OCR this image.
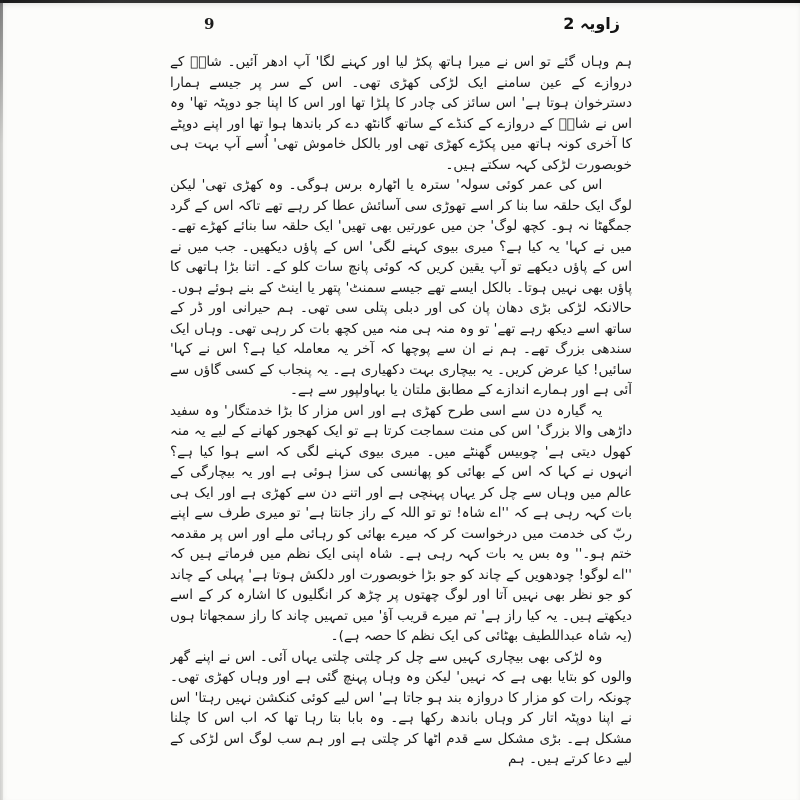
9	زاویہ 2

ہم وہاں گئے تو اس نے میرا ہاتھ پکڑ لیا اور کہنے لگا' آپ ادھر آئیں۔ شاہؒ کے دروازے کے عین سامنے ایک لڑکی کھڑی تھی۔ اس کے سر پر جیسے ہمارا دسترخوان ہوتا ہے' اس سائز کی چادر کا پلڑا تھا اور اس کا اپنا جو دوپٹہ تھا' وہ اس نے شاہؒ کے دروازے کے کنڈے کے ساتھ گانٹھ دے کر باندھا ہوا تھا اور اپنے دوپٹے کا آخری کونہ ہاتھ میں پکڑے کھڑی تھی اور بالکل خاموش تھی' اُسے آپ بہت ہی خوبصورت لڑکی کہہ سکتے ہیں۔

اس کی عمر کوئی سولہ' سترہ یا اٹھارہ برس ہوگی۔ وہ کھڑی تھی' لیکن لوگ ایک حلقہ سا بنا کر اسے تھوڑی سی آسائش عطا کر رہے تھے تاکہ اس کے گرد جمگھٹا نہ ہو۔ کچھ لوگ' جن میں عورتیں بھی تھیں' ایک حلقہ سا بنائے کھڑے تھے۔ میں نے کہا' یہ کیا ہے؟ میری بیوی کہنے لگی' اس کے پاؤں دیکھیں۔ جب میں نے اس کے پاؤں دیکھے تو آپ یقین کریں کہ کوئی پانچ سات کلو کے۔ اتنا بڑا ہاتھی کا پاؤں بھی نہیں ہوتا۔ بالکل ایسے تھے جیسے سمنٹ' پتھر یا اینٹ کے بنے ہوئے ہوں۔ حالانکہ لڑکی بڑی دھان پان کی اور دبلی پتلی سی تھی۔ ہم حیرانی اور ڈر کے ساتھ اسے دیکھ رہے تھے' تو وہ منہ ہی منہ میں کچھ بات کر رہی تھی۔ وہاں ایک سندھی بزرگ تھے۔ ہم نے ان سے پوچھا کہ آخر یہ معاملہ کیا ہے؟ اس نے کہا' سائیں! کیا عرض کریں۔ یہ بیچاری بہت دکھیاری ہے۔ یہ پنجاب کے کسی گاؤں سے آئی ہے اور ہمارے اندازے کے مطابق ملتان یا بہاولپور سے ہے۔

یہ گیارہ دن سے اسی طرح کھڑی ہے اور اس مزار کا بڑا خدمتگار' وہ سفید داڑھی والا بزرگ' اس کی منت سماجت کرتا ہے تو ایک کھجور کھانے کے لیے یہ منہ کھول دیتی ہے' چوبیس گھنٹے میں۔ میری بیوی کہنے لگی کہ اسے ہوا کیا ہے؟ انہوں نے کہا کہ اس کے بھائی کو پھانسی کی سزا ہوئی ہے اور یہ بیچارگی کے عالم میں وہاں سے چل کر یہاں پہنچی ہے اور اتنے دن سے کھڑی ہے اور ایک ہی بات کہہ رہی ہے کہ ''اے شاہ! تو تو اللہ کے راز جانتا ہے' تو میری طرف سے اپنے ربّ کی خدمت میں درخواست کر کہ میرے بھائی کو رہائی ملے اور اس پر مقدمہ ختم ہو۔'' وہ بس یہ بات کہہ رہی ہے۔ شاہ اپنی ایک نظم میں فرماتے ہیں کہ ''اے لوگو! چودھویں کے چاند کو جو بڑا خوبصورت اور دلکش ہوتا ہے' پہلی کے چاند کو جو نظر بھی نہیں آتا اور لوگ چھتوں پر چڑھ کر انگلیوں کا اشارہ کر کے اسے دیکھتے ہیں۔ یہ کیا راز ہے' تم میرے قریب آؤ' میں تمہیں چاند کا راز سمجھاتا ہوں (یہ شاہ عبداللطیف بھٹائی کی ایک نظم کا حصہ ہے)۔

وہ لڑکی بھی بیچاری کہیں سے چل کر چلتی چلتی یہاں آئی۔ اس نے اپنے گھر والوں کو بتایا بھی ہے کہ نہیں' لیکن وہ وہاں پہنچ گئی ہے اور وہاں کھڑی تھی۔ چونکہ رات کو مزار کا دروازہ بند ہو جاتا ہے' اس لیے کوئی کنکشن نہیں رہتا' اس نے اپنا دوپٹہ اتار کر وہاں باندھ رکھا ہے۔ وہ بابا بتا رہا تھا کہ اب اس کا چلنا مشکل ہے۔ بڑی مشکل سے قدم اٹھا کر چلتی ہے اور ہم سب لوگ اس لڑکی کے لیے دعا کرتے ہیں۔ ہم
